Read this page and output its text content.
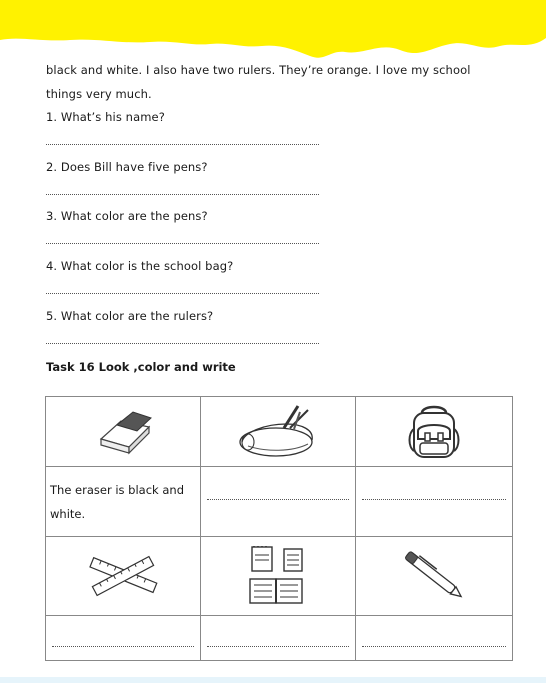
black and white. I also have two rulers. They’re orange. I love my school
things very much.
1. What’s his name?
2. Does Bill have five pens?
3. What color are the pens?
4. What color is the school bag?
5. What color are the rulers?
Task 16 Look ,color and write

The eraser is black and
white.		
